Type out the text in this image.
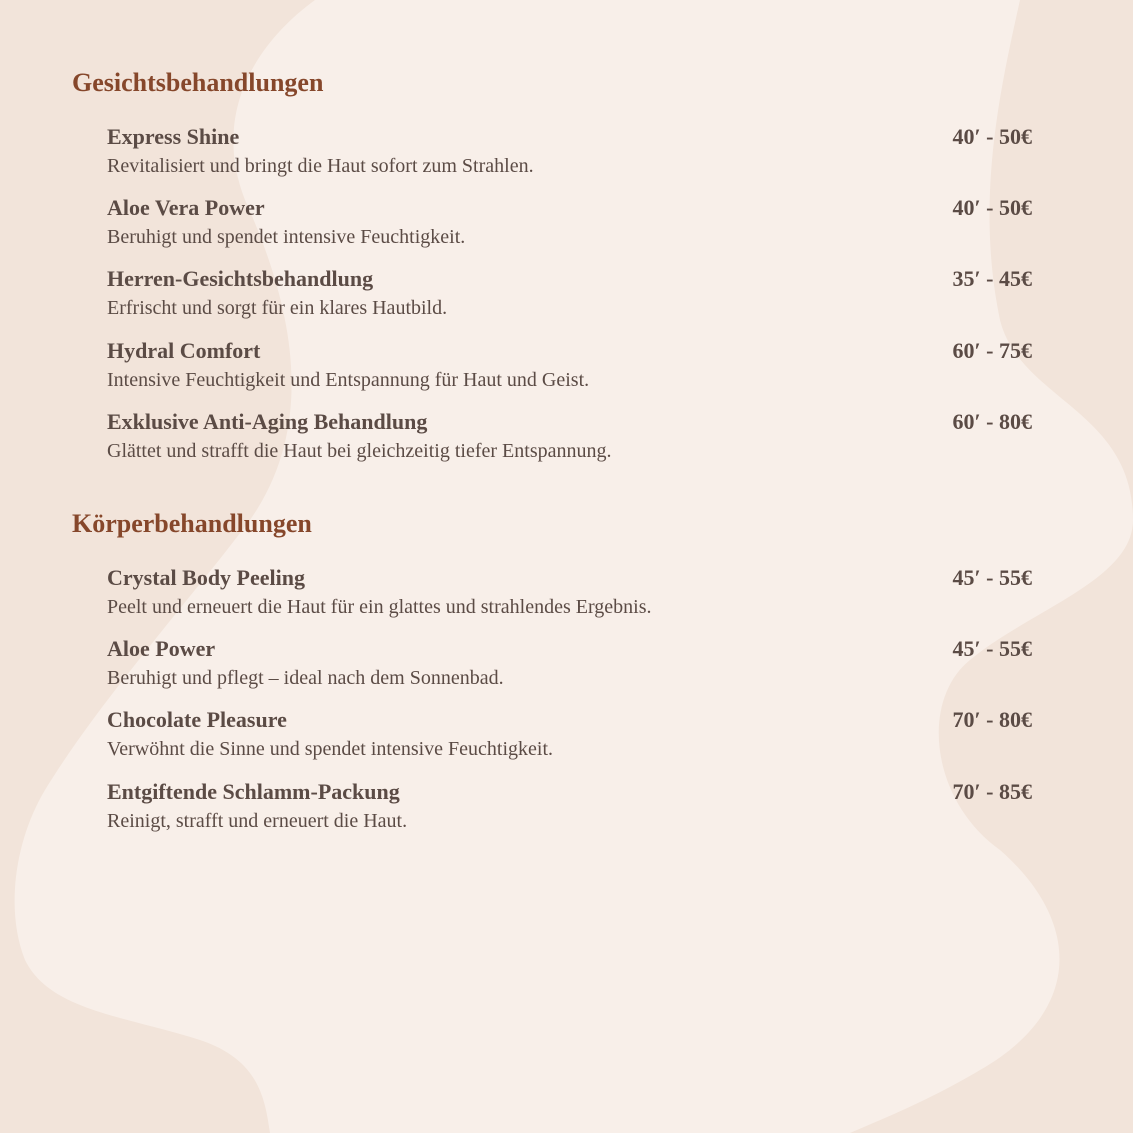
Gesichtsbehandlungen
Express Shine	40′ - 50€
Revitalisiert und bringt die Haut sofort zum Strahlen.
Aloe Vera Power	40′ - 50€
Beruhigt und spendet intensive Feuchtigkeit.
Herren-Gesichtsbehandlung	35′ - 45€
Erfrischt und sorgt für ein klares Hautbild.
Hydral Comfort	60′ - 75€
Intensive Feuchtigkeit und Entspannung für Haut und Geist.
Exklusive Anti-Aging Behandlung	60′ - 80€
Glättet und strafft die Haut bei gleichzeitig tiefer Entspannung.
Körperbehandlungen
Crystal Body Peeling	45′ - 55€
Peelt und erneuert die Haut für ein glattes und strahlendes Ergebnis.
Aloe Power	45′ - 55€
Beruhigt und pflegt – ideal nach dem Sonnenbad.
Chocolate Pleasure	70′ - 80€
Verwöhnt die Sinne und spendet intensive Feuchtigkeit.
Entgiftende Schlamm-Packung	70′ - 85€
Reinigt, strafft und erneuert die Haut.
